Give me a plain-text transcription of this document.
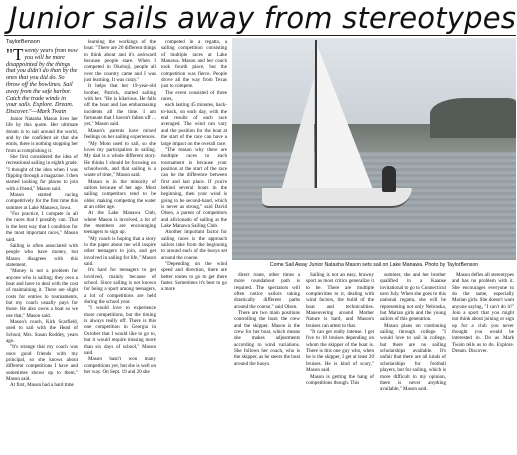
Junior sails away from stereotypes
TaylorBenson

"Twenty years from now you will be more disappointed by the things that you didn't do than by the ones that you did do. So throw off the bowlines. Sail away from the safe harbor. Catch the trade winds in your sails. Explore. Dream. Discover."—Mark Twain

Junior Natasha Mason lives her life by this quote. Her ultimate dream is to sail around the world, and by the confident air that she emits, there is nothing stopping her from accomplishing it.

She first considered the idea of recreational sailing in eighth grade. "I thought of the idea when I was flipping through a magazine. I then started looking for places to join with a friend," Mason said.

Mason started racing competitively for the first time this summer at Lake Manawa, Iowa.

"For practice, I compete in all the races that I possibly can. That is the best way that I condition for the most important races," Mason said.

Sailing is often associated with people who have money, but Mason disagrees with this statement.

"Money is not a problem for anyone who is sailing; they own a boat and have to deal with the cost of maintaining it. There are slight costs for entries to tournaments, but my coach usually pays for those. He also owns a boat so we use that," Mason said.

Mason's coach, Kirk Scarfield, used to sail with the Head of School, Mrs. Susan Roddey, years ago.

"It's strange that my coach was once good friends with my principal, so she knows about different competitions I have and sometimes shows up to them," Mason said.

At first, Mason had a hard time

learning the workings of the boat. "There are 20 different things to think about and it's awkward because people stare. When I competed in Okoboji, people all over the country came and I was just learning. It was crazy."

It helps that her 19-year-old brother, Patrick, started sailing with her. "He is hilarious. He falls off the boat and has embarrassing incidents all the time. I am fortunate that I haven't fallen off ... yet," Mason said.

Mason's parents have mixed feelings on her sailing experiences.

"My Mom used to sail, so she loves my participation in sailing. My dad is a whole different story. He thinks I should be focusing on schoolwork, and that sailing is a waste of time," Mason said.

Mason is in the minority of sailors because of her age. Most sailing competitors tend to be older, making competing the water at an older age.

At the Lake Manawa Club, where Mason is involved, a lot of the members are encouraging teenagers to sign up.

"My coach is hoping that a story in the paper about me will inspire other teenagers to join, and get involved in sailing for life," Mason said.

It's hard for teenagers to get involved, mainly because of school. Since sailing is not known for being a sport among teenagers, a lot of competitions are held during the school year.

"I would love to experience more competitions, but the timing is always really off. There is this one competition in Georgia in October that I would like to go to, but it would require missing more than six days of school," Mason said.

Mason hasn't won many competitions yet, but she is well on her way. On Sept. 19 and 20 she

competed in a regatta, a sailing competition consisting of multiple races at Lake Manawa. Mason and her coach took fourth place, but the competition was fierce. People drove all the way from Texas just to compete.

The event consisted of three races,

each lasting 45 minutes, back-to-back, on each day, with the end results of each race averaged. The wind can vary and the position for the boat at the start of the race can have a large impact on the overall race.

"The reason why there are multiple races to each tournament is because your position at the start of the race can be the difference between first and last place. If you're behind several boats in the beginning, then your wind is going to be second-hand, which is never as strong," said David Olsen, a parent of competitors and aficionado of sailing at the Lake Manawa Sailing Club.

Another important factor for sailing races is the approach sailors take from the beginning to around each of the buoys set around the course.

"Depending on the wind speed and direction, there are better routes to go to get there faster. Sometimes it's best to go a more

Come Sail Away Junior Natasha Mason sets sail on Lake Manawa. Photo by TaylorBenson

direct route, other times a more roundabout path is required. The spectators will often notice sailors taking drastically different paths around the course," said Olsen.

There are two main positions controlling the boat: the crew and the skipper. Mason is the crew for her boat, which means she makes adjustments according to wind variations. She follows her coach, who is the skipper, as he steers the boat around the buoys.

Sailing is not an easy, brawny sport as most critics generalize it to be. There are multiple complexities to it, dealing with wind factors, the build of the boat and technicalities. Maneuvering around Mother Nature is hard, and Mason's bruises can attest to that.

"It can get really intense. I get five to 10 bruises depending on whom the skipper of the boat is. There is this one guy who, when he is the skipper, I get at least 20 bruises. He is kind of scary," Mason said.

Mason is getting the hang of competitions though. This

summer, she and her brother qualified in a Kaanse invitational to go to Connecticut next July. When she goes to this national regatta, she will be representing not only Nebraska, but Marian girls and the young sailors of this generation.

Mason plans on continuing sailing through college. "I would love to sail in college, but there are no sailing scholarships available. It's unfair that there are all kinds of scholarships for football players, but for sailing, which is more difficult in my opinion, there is never anything available," Mason said.

Mason defies all stereotypes and has no problem with it. She encourages everyone to do the same, especially Marian girls. She doesn't want anyone saying, "I can't do it!" Join a sport that you might not think about joining or sign up for a club you never thought you would be interested in. Do as Mark Twain tells us to do. Explore. Dream. Discover.
